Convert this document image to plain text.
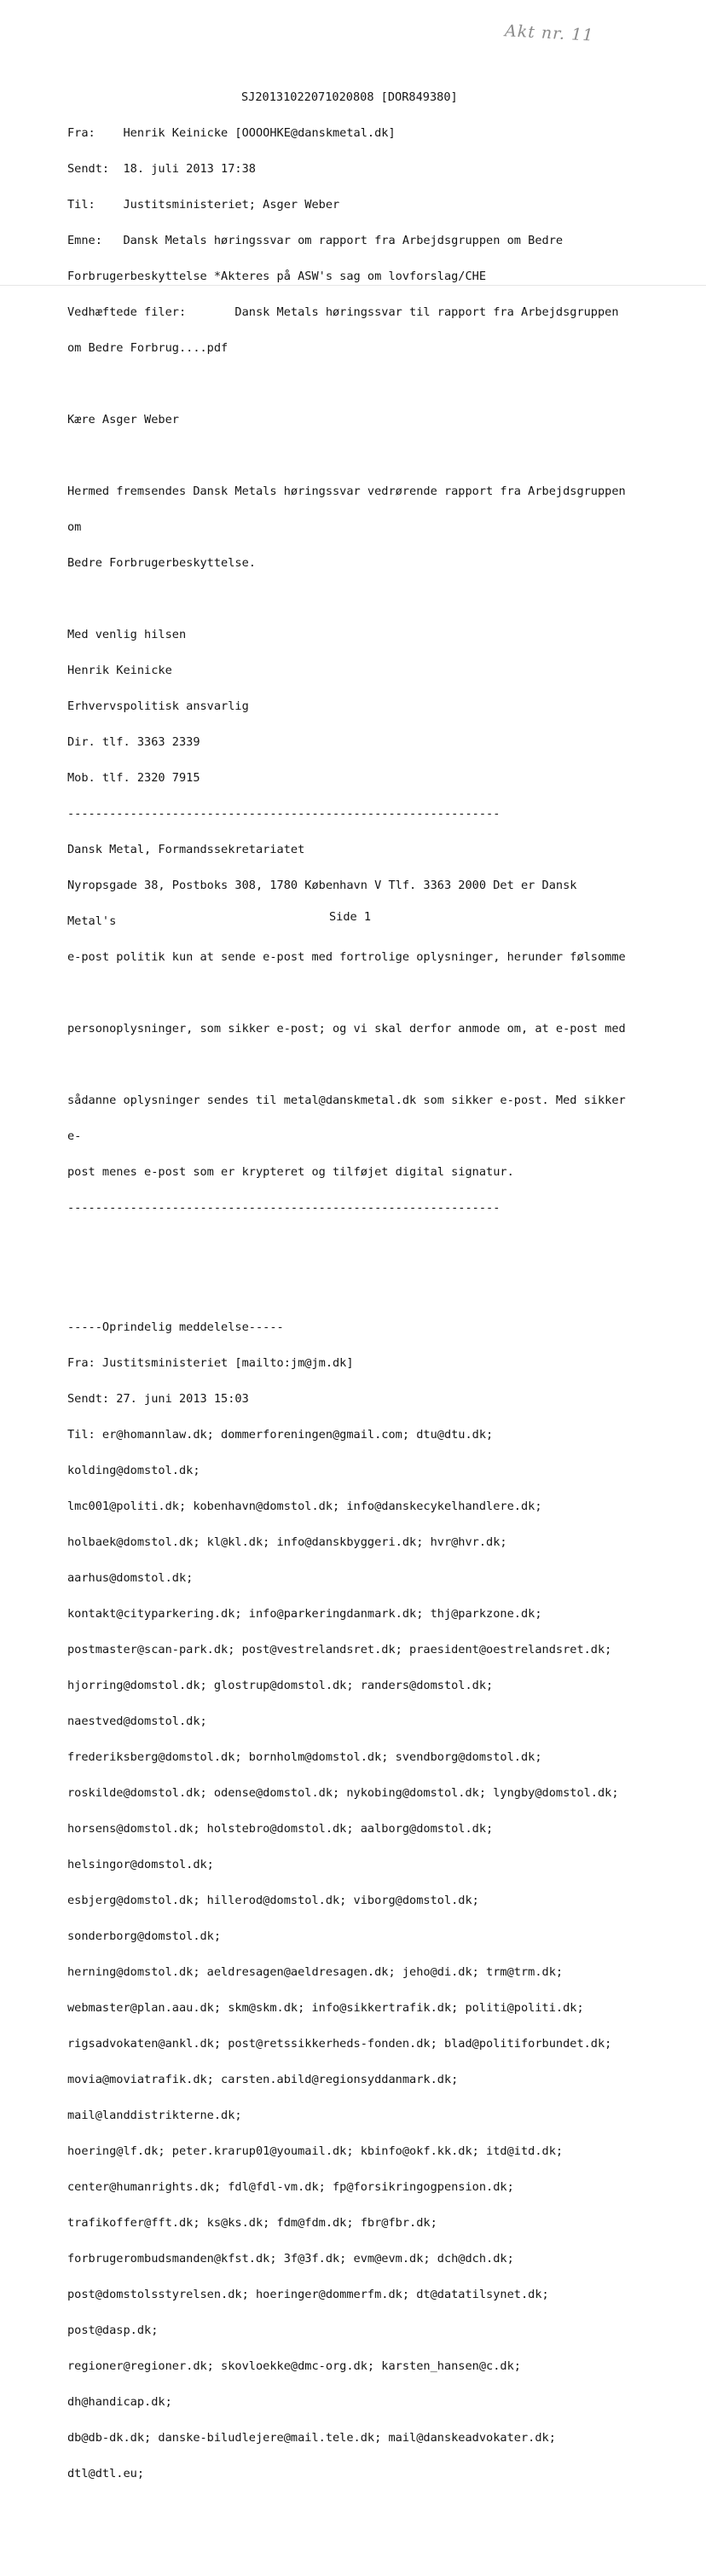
Akt nr. 11
SJ20131022071020808 [DOR849380]

Fra:    Henrik Keinicke [OOOOHKE@danskmetal.dk]

Sendt:  18. juli 2013 17:38

Til:    Justitsministeriet; Asger Weber

Emne:   Dansk Metals høringssvar om rapport fra Arbejdsgruppen om Bedre

Forbrugerbeskyttelse *Akteres på ASW's sag om lovforslag/CHE

Vedhæftede filer:       Dansk Metals høringssvar til rapport fra Arbejdsgruppen

om Bedre Forbrug....pdf

Kære Asger Weber

Hermed fremsendes Dansk Metals høringssvar vedrørende rapport fra Arbejdsgruppen

om

Bedre Forbrugerbeskyttelse.

Med venlig hilsen

Henrik Keinicke

Erhvervspolitisk ansvarlig

Dir. tlf. 3363 2339

Mob. tlf. 2320 7915

--------------------------------------------------------------

Dansk Metal, Formandssekretariatet

Nyropsgade 38, Postboks 308, 1780 København V Tlf. 3363 2000 Det er Dansk

Metal's

e-post politik kun at sende e-post med fortrolige oplysninger, herunder følsomme

personoplysninger, som sikker e-post; og vi skal derfor anmode om, at e-post med

sådanne oplysninger sendes til metal@danskmetal.dk som sikker e-post. Med sikker

e-

post menes e-post som er krypteret og tilføjet digital signatur.

--------------------------------------------------------------

-----Oprindelig meddelelse-----

Fra: Justitsministeriet [mailto:jm@jm.dk]

Sendt: 27. juni 2013 15:03

Til: er@homannlaw.dk; dommerforeningen@gmail.com; dtu@dtu.dk;

kolding@domstol.dk;

lmc001@politi.dk; kobenhavn@domstol.dk; info@danskecykelhandlere.dk;

holbaek@domstol.dk; kl@kl.dk; info@danskbyggeri.dk; hvr@hvr.dk;

aarhus@domstol.dk;

kontakt@cityparkering.dk; info@parkeringdanmark.dk; thj@parkzone.dk;

postmaster@scan-park.dk; post@vestrelandsret.dk; praesident@oestrelandsret.dk;

hjorring@domstol.dk; glostrup@domstol.dk; randers@domstol.dk;

naestved@domstol.dk;

frederiksberg@domstol.dk; bornholm@domstol.dk; svendborg@domstol.dk;

roskilde@domstol.dk; odense@domstol.dk; nykobing@domstol.dk; lyngby@domstol.dk;

horsens@domstol.dk; holstebro@domstol.dk; aalborg@domstol.dk;

helsingor@domstol.dk;

esbjerg@domstol.dk; hillerod@domstol.dk; viborg@domstol.dk;

sonderborg@domstol.dk;

herning@domstol.dk; aeldresagen@aeldresagen.dk; jeho@di.dk; trm@trm.dk;

webmaster@plan.aau.dk; skm@skm.dk; info@sikkertrafik.dk; politi@politi.dk;

rigsadvokaten@ankl.dk; post@retssikkerheds-fonden.dk; blad@politiforbundet.dk;

movia@moviatrafik.dk; carsten.abild@regionsyddanmark.dk;

mail@landdistrikterne.dk;

hoering@lf.dk; peter.krarup01@youmail.dk; kbinfo@okf.kk.dk; itd@itd.dk;

center@humanrights.dk; fdl@fdl-vm.dk; fp@forsikringogpension.dk;

trafikoffer@fft.dk; ks@ks.dk; fdm@fdm.dk; fbr@fbr.dk;

forbrugerombudsmanden@kfst.dk; 3f@3f.dk; evm@evm.dk; dch@dch.dk;

post@domstolsstyrelsen.dk; hoeringer@dommerfm.dk; dt@datatilsynet.dk;

post@dasp.dk;

regioner@regioner.dk; skovloekke@dmc-org.dk; karsten_hansen@c.dk;

dh@handicap.dk;

db@db-dk.dk; danske-biludlejere@mail.tele.dk; mail@danskeadvokater.dk;

dtl@dtl.eu;

Side 1
